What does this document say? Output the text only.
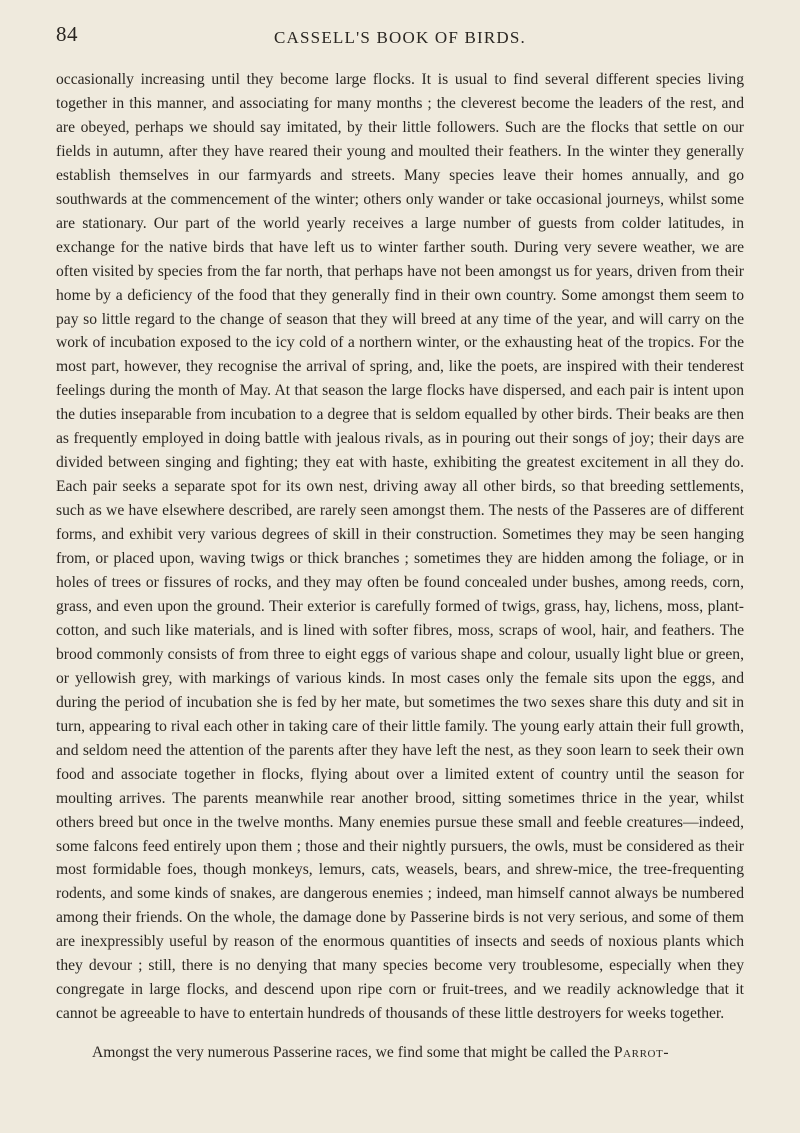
84	CASSELL'S BOOK OF BIRDS.

occasionally increasing until they become large flocks. It is usual to find several different species living together in this manner, and associating for many months ; the cleverest become the leaders of the rest, and are obeyed, perhaps we should say imitated, by their little followers. Such are the flocks that settle on our fields in autumn, after they have reared their young and moulted their feathers. In the winter they generally establish themselves in our farmyards and streets. Many species leave their homes annually, and go southwards at the commencement of the winter; others only wander or take occasional journeys, whilst some are stationary. Our part of the world yearly receives a large number of guests from colder latitudes, in exchange for the native birds that have left us to winter farther south. During very severe weather, we are often visited by species from the far north, that perhaps have not been amongst us for years, driven from their home by a deficiency of the food that they generally find in their own country. Some amongst them seem to pay so little regard to the change of season that they will breed at any time of the year, and will carry on the work of incubation exposed to the icy cold of a northern winter, or the exhausting heat of the tropics. For the most part, however, they recognise the arrival of spring, and, like the poets, are inspired with their tenderest feelings during the month of May. At that season the large flocks have dispersed, and each pair is intent upon the duties inseparable from incubation to a degree that is seldom equalled by other birds. Their beaks are then as frequently employed in doing battle with jealous rivals, as in pouring out their songs of joy; their days are divided between singing and fighting; they eat with haste, exhibiting the greatest excitement in all they do. Each pair seeks a separate spot for its own nest, driving away all other birds, so that breeding settlements, such as we have elsewhere described, are rarely seen amongst them. The nests of the Passeres are of different forms, and exhibit very various degrees of skill in their construction. Sometimes they may be seen hanging from, or placed upon, waving twigs or thick branches ; sometimes they are hidden among the foliage, or in holes of trees or fissures of rocks, and they may often be found concealed under bushes, among reeds, corn, grass, and even upon the ground. Their exterior is carefully formed of twigs, grass, hay, lichens, moss, plant-cotton, and such like materials, and is lined with softer fibres, moss, scraps of wool, hair, and feathers. The brood commonly consists of from three to eight eggs of various shape and colour, usually light blue or green, or yellowish grey, with markings of various kinds. In most cases only the female sits upon the eggs, and during the period of incubation she is fed by her mate, but sometimes the two sexes share this duty and sit in turn, appearing to rival each other in taking care of their little family. The young early attain their full growth, and seldom need the attention of the parents after they have left the nest, as they soon learn to seek their own food and associate together in flocks, flying about over a limited extent of country until the season for moulting arrives. The parents meanwhile rear another brood, sitting sometimes thrice in the year, whilst others breed but once in the twelve months. Many enemies pursue these small and feeble creatures—indeed, some falcons feed entirely upon them ; those and their nightly pursuers, the owls, must be considered as their most formidable foes, though monkeys, lemurs, cats, weasels, bears, and shrew-mice, the tree-frequenting rodents, and some kinds of snakes, are dangerous enemies ; indeed, man himself cannot always be numbered among their friends. On the whole, the damage done by Passerine birds is not very serious, and some of them are inexpressibly useful by reason of the enormous quantities of insects and seeds of noxious plants which they devour ; still, there is no denying that many species become very troublesome, especially when they congregate in large flocks, and descend upon ripe corn or fruit-trees, and we readily acknowledge that it cannot be agreeable to have to entertain hundreds of thousands of these little destroyers for weeks together.

Amongst the very numerous Passerine races, we find some that might be called the Parrot-
